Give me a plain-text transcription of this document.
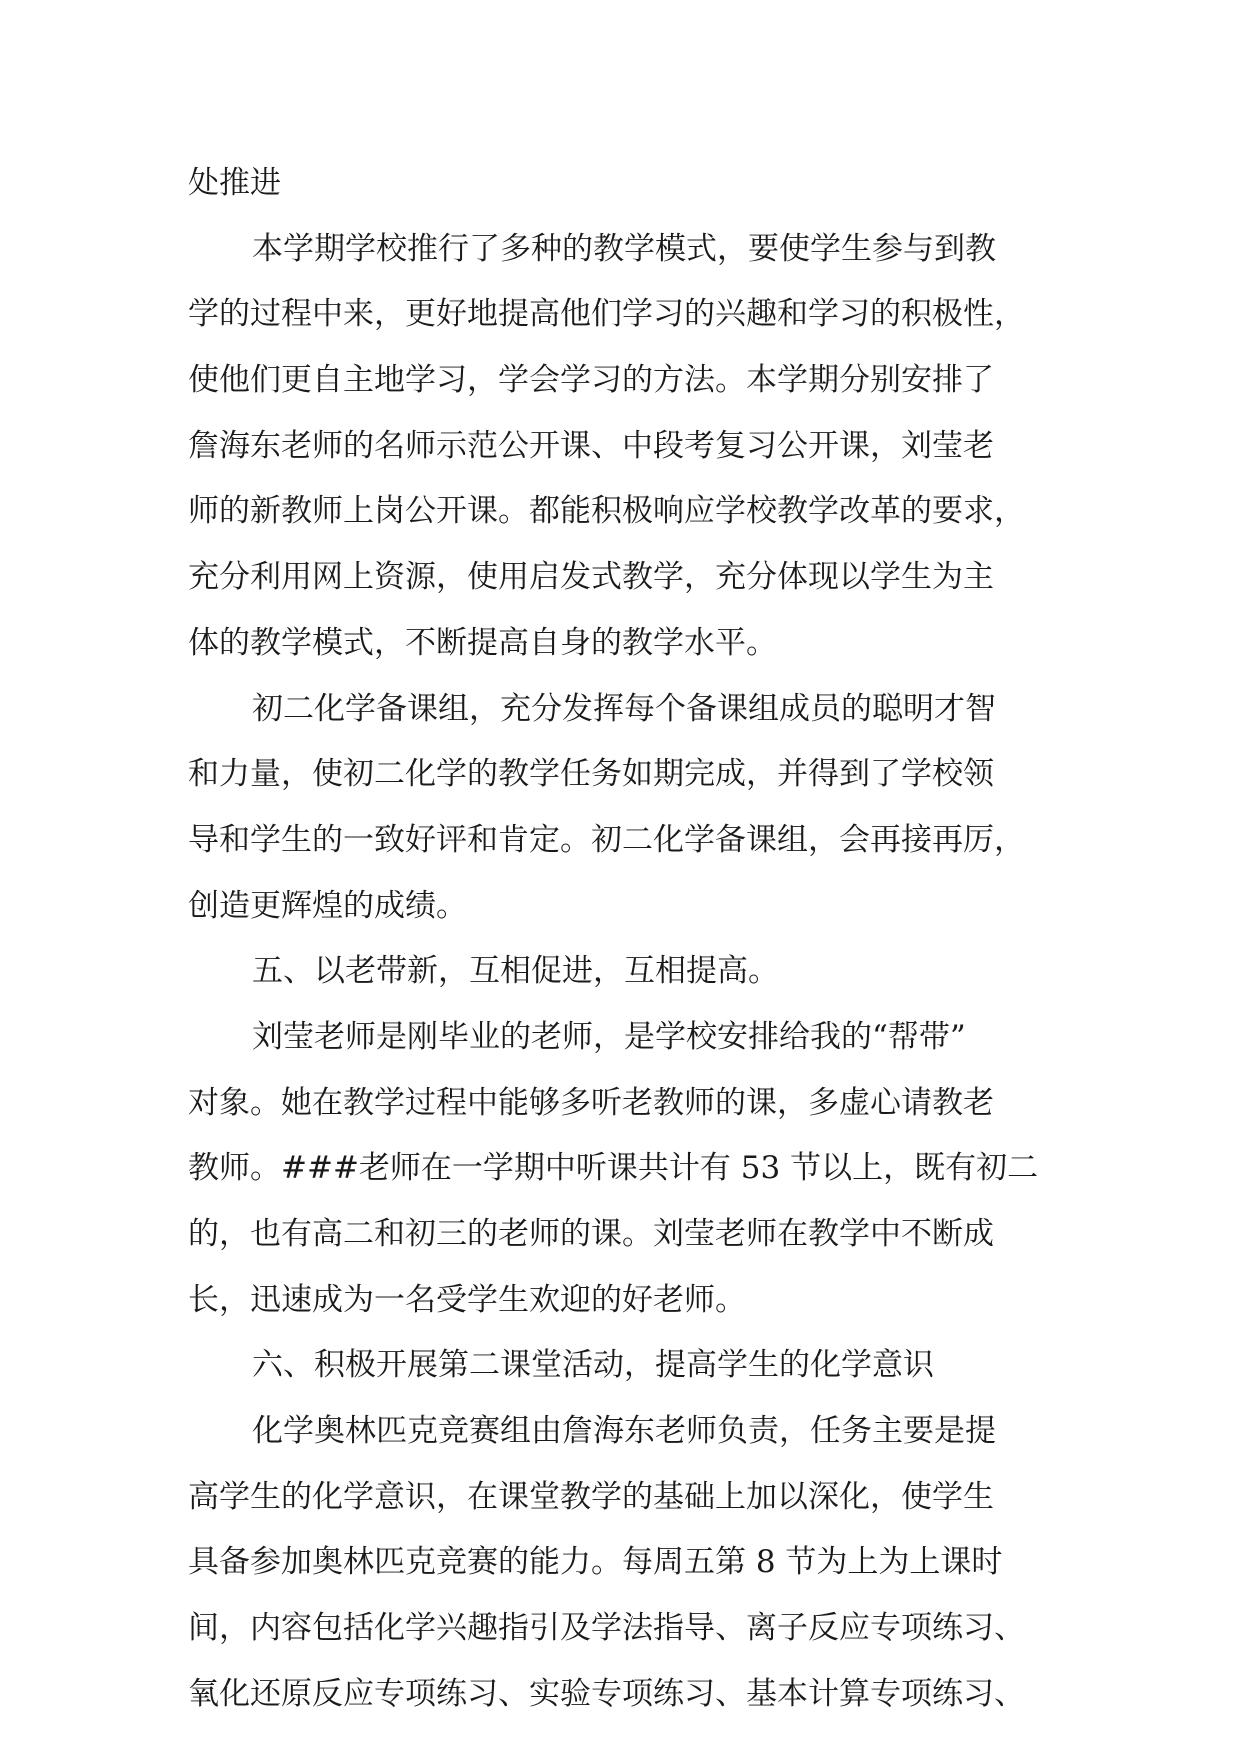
处推进
本学期学校推行了多种的教学模式，要使学生参与到教
学的过程中来，更好地提高他们学习的兴趣和学习的积极性，
使他们更自主地学习，学会学习的方法。本学期分别安排了
詹海东老师的名师示范公开课、中段考复习公开课，刘莹老
师的新教师上岗公开课。都能积极响应学校教学改革的要求，
充分利用网上资源，使用启发式教学，充分体现以学生为主
体的教学模式，不断提高自身的教学水平。
初二化学备课组，充分发挥每个备课组成员的聪明才智
和力量，使初二化学的教学任务如期完成，并得到了学校领
导和学生的一致好评和肯定。初二化学备课组，会再接再厉，
创造更辉煌的成绩。
五、以老带新，互相促进，互相提高。
刘莹老师是刚毕业的老师，是学校安排给我的“帮带”
对象。她在教学过程中能够多听老教师的课，多虚心请教老
教师。###老师在一学期中听课共计有 53 节以上，既有初二
的，也有高二和初三的老师的课。刘莹老师在教学中不断成
长，迅速成为一名受学生欢迎的好老师。
六、积极开展第二课堂活动，提高学生的化学意识
化学奥林匹克竞赛组由詹海东老师负责，任务主要是提
高学生的化学意识，在课堂教学的基础上加以深化，使学生
具备参加奥林匹克竞赛的能力。每周五第 8 节为上为上课时
间，内容包括化学兴趣指引及学法指导、离子反应专项练习、
氧化还原反应专项练习、实验专项练习、基本计算专项练习、
